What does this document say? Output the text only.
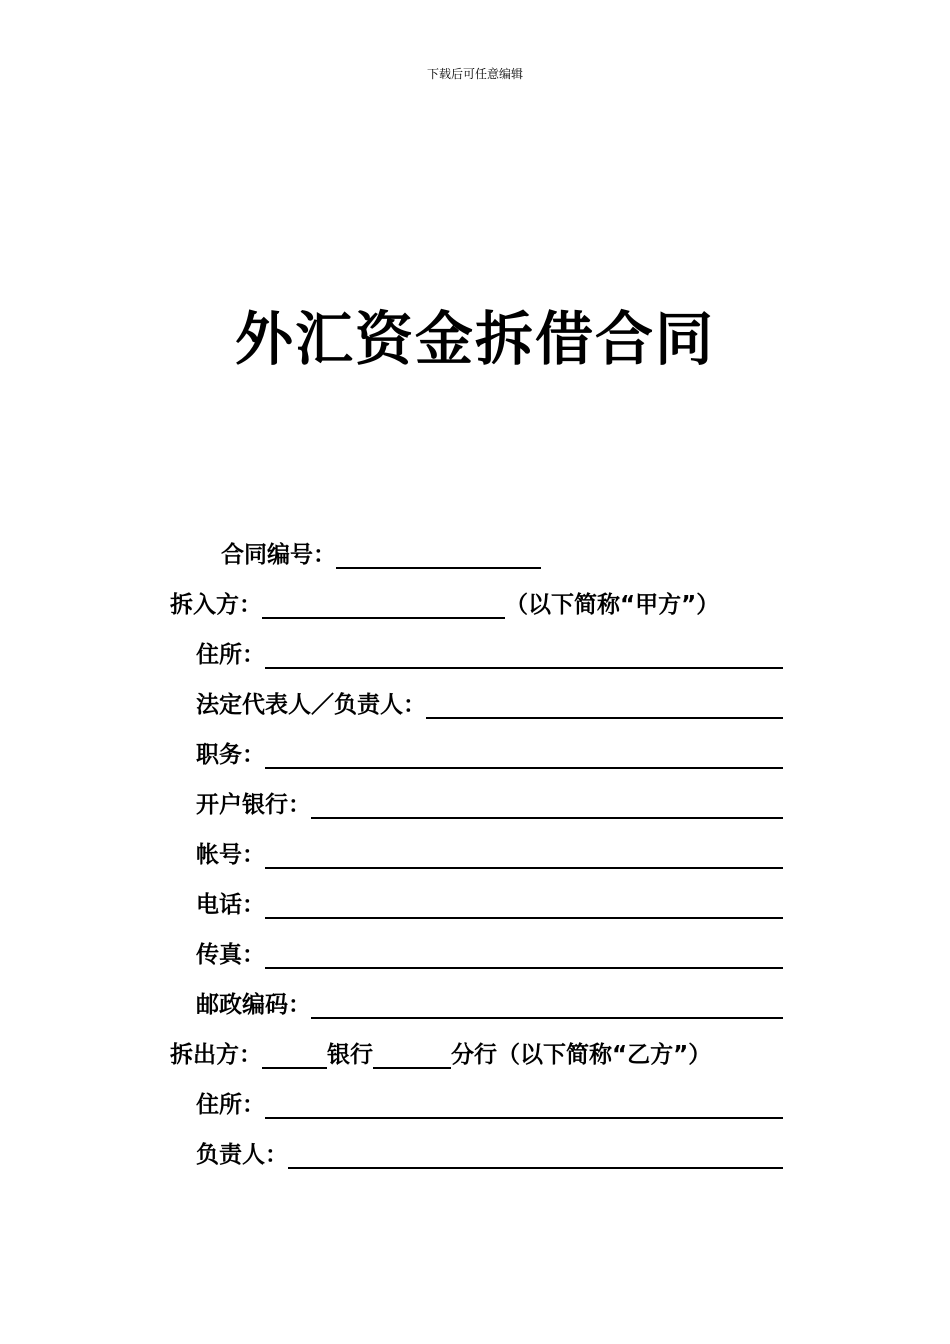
下载后可任意编辑
外汇资金拆借合同
合同编号：
拆入方：	（以下简称“甲方”）
住所：
法定代表人／负责人：
职务：
开户银行：
帐号：
电话：
传真：
邮政编码：
拆出方：	银行	分行 （以下简称“乙方”）
住所：
负责人：
